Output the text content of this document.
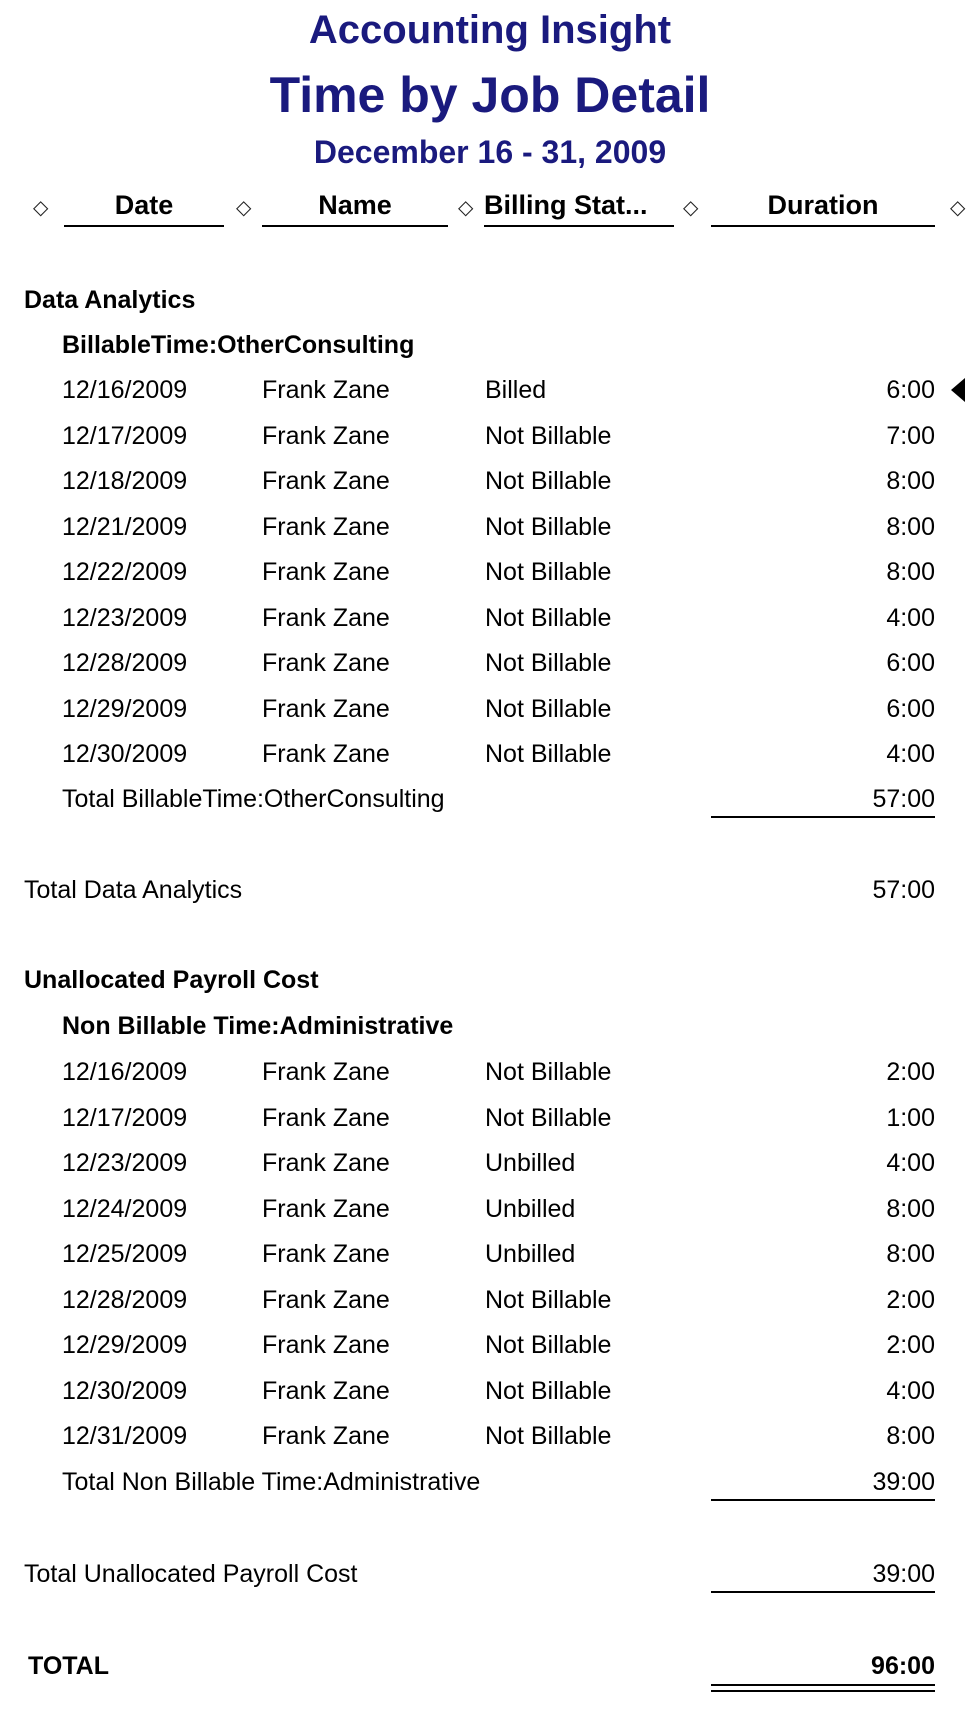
Accounting Insight
Time by Job Detail
December 16 - 31, 2009
◇	Date	◇	Name	◇ Billing Stat...	◇	Duration	◇
Data Analytics
BillableTime:OtherConsulting
12/16/2009	Frank Zane	Billed	6:00
12/17/2009	Frank Zane	Not Billable	7:00
12/18/2009	Frank Zane	Not Billable	8:00
12/21/2009	Frank Zane	Not Billable	8:00
12/22/2009	Frank Zane	Not Billable	8:00
12/23/2009	Frank Zane	Not Billable	4:00
12/28/2009	Frank Zane	Not Billable	6:00
12/29/2009	Frank Zane	Not Billable	6:00
12/30/2009	Frank Zane	Not Billable	4:00
Total BillableTime:OtherConsulting	57:00
Total Data Analytics	57:00
Unallocated Payroll Cost
Non Billable Time:Administrative
12/16/2009	Frank Zane	Not Billable	2:00
12/17/2009	Frank Zane	Not Billable	1:00
12/23/2009	Frank Zane	Unbilled	4:00
12/24/2009	Frank Zane	Unbilled	8:00
12/25/2009	Frank Zane	Unbilled	8:00
12/28/2009	Frank Zane	Not Billable	2:00
12/29/2009	Frank Zane	Not Billable	2:00
12/30/2009	Frank Zane	Not Billable	4:00
12/31/2009	Frank Zane	Not Billable	8:00
Total Non Billable Time:Administrative	39:00
Total Unallocated Payroll Cost	39:00
TOTAL	96:00
